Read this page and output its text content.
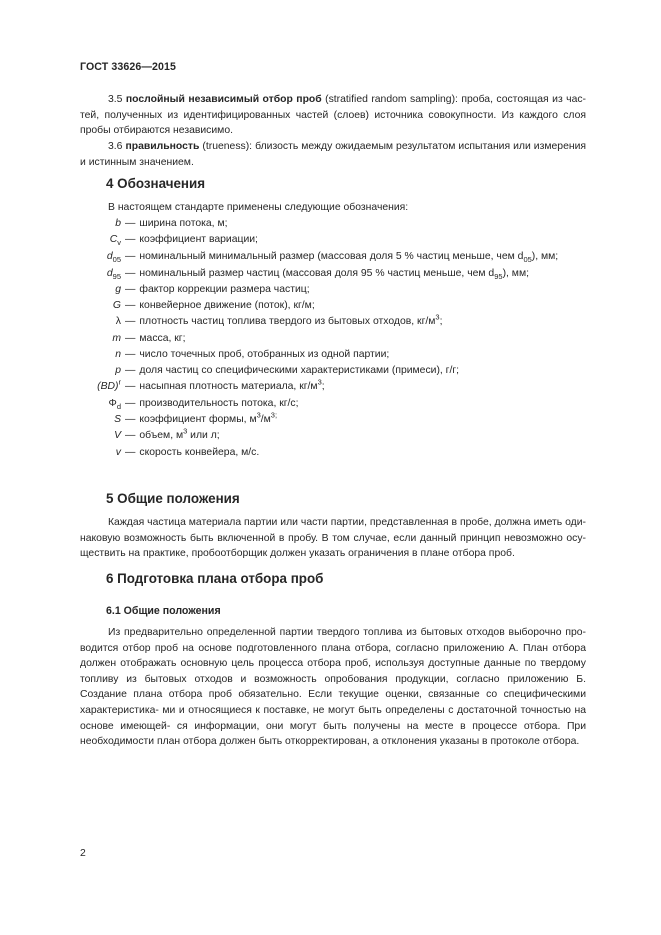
ГОСТ 33626—2015
3.5 послойный независимый отбор проб (stratified random sampling): проба, состоящая из час- тей, полученных из идентифицированных частей (слоев) источника совокупности. Из каждого слоя пробы отбираются независимо.
3.6 правильность (trueness): близость между ожидаемым результатом испытания или измерения и истинным значением.
4 Обозначения
В настоящем стандарте применены следующие обозначения:
b — ширина потока, м;
$C_v$ — коэффициент вариации;
$d_{05}$ — номинальный минимальный размер (массовая доля 5 % частиц меньше, чем $d_{05}$), мм;
$d_{95}$ — номинальный размер частиц (массовая доля 95 % частиц меньше, чем $d_{95}$), мм;
g — фактор коррекции размера частиц;
G — конвейерное движение (поток), кг/м;
λ — плотность частиц топлива твердого из бытовых отходов, $кг/м^3$;
m — масса, кг;
n — число точечных проб, отобранных из одной партии;
p — доля частиц со специфическими характеристиками (примеси), г/г;
(BD)$^r$ — насыпная плотность материала, $кг/м^3$;
$\Phi_d$ — производительность потока, кг/с;
S — коэффициент формы, $м^3/м^{3;}$
V — объем, $м^3$ или л;
v — скорость конвейера, м/с.
5 Общие положения
Каждая частица материала партии или части партии, представленная в пробе, должна иметь оди- наковую возможность быть включенной в пробу. В том случае, если данный принцип невозможно осу- ществить на практике, пробоотборщик должен указать ограничения в плане отбора проб.
6 Подготовка плана отбора проб
6.1 Общие положения
Из предварительно определенной партии твердого топлива из бытовых отходов выборочно про- водится отбор проб на основе подготовленного плана отбора, согласно приложению А. План отбора должен отображать основную цель процесса отбора проб, используя доступные данные по твердому топливу из бытовых отходов и возможность опробования продукции, согласно приложению Б. Создание плана отбора проб обязательно. Если текущие оценки, связанные со специфическими характеристика- ми и относящиеся к поставке, не могут быть определены с достаточной точностью на основе имеющей- ся информации, они могут быть получены на месте в процессе отбора. При необходимости план отбора должен быть откорректирован, а отклонения указаны в протоколе отбора.
2
